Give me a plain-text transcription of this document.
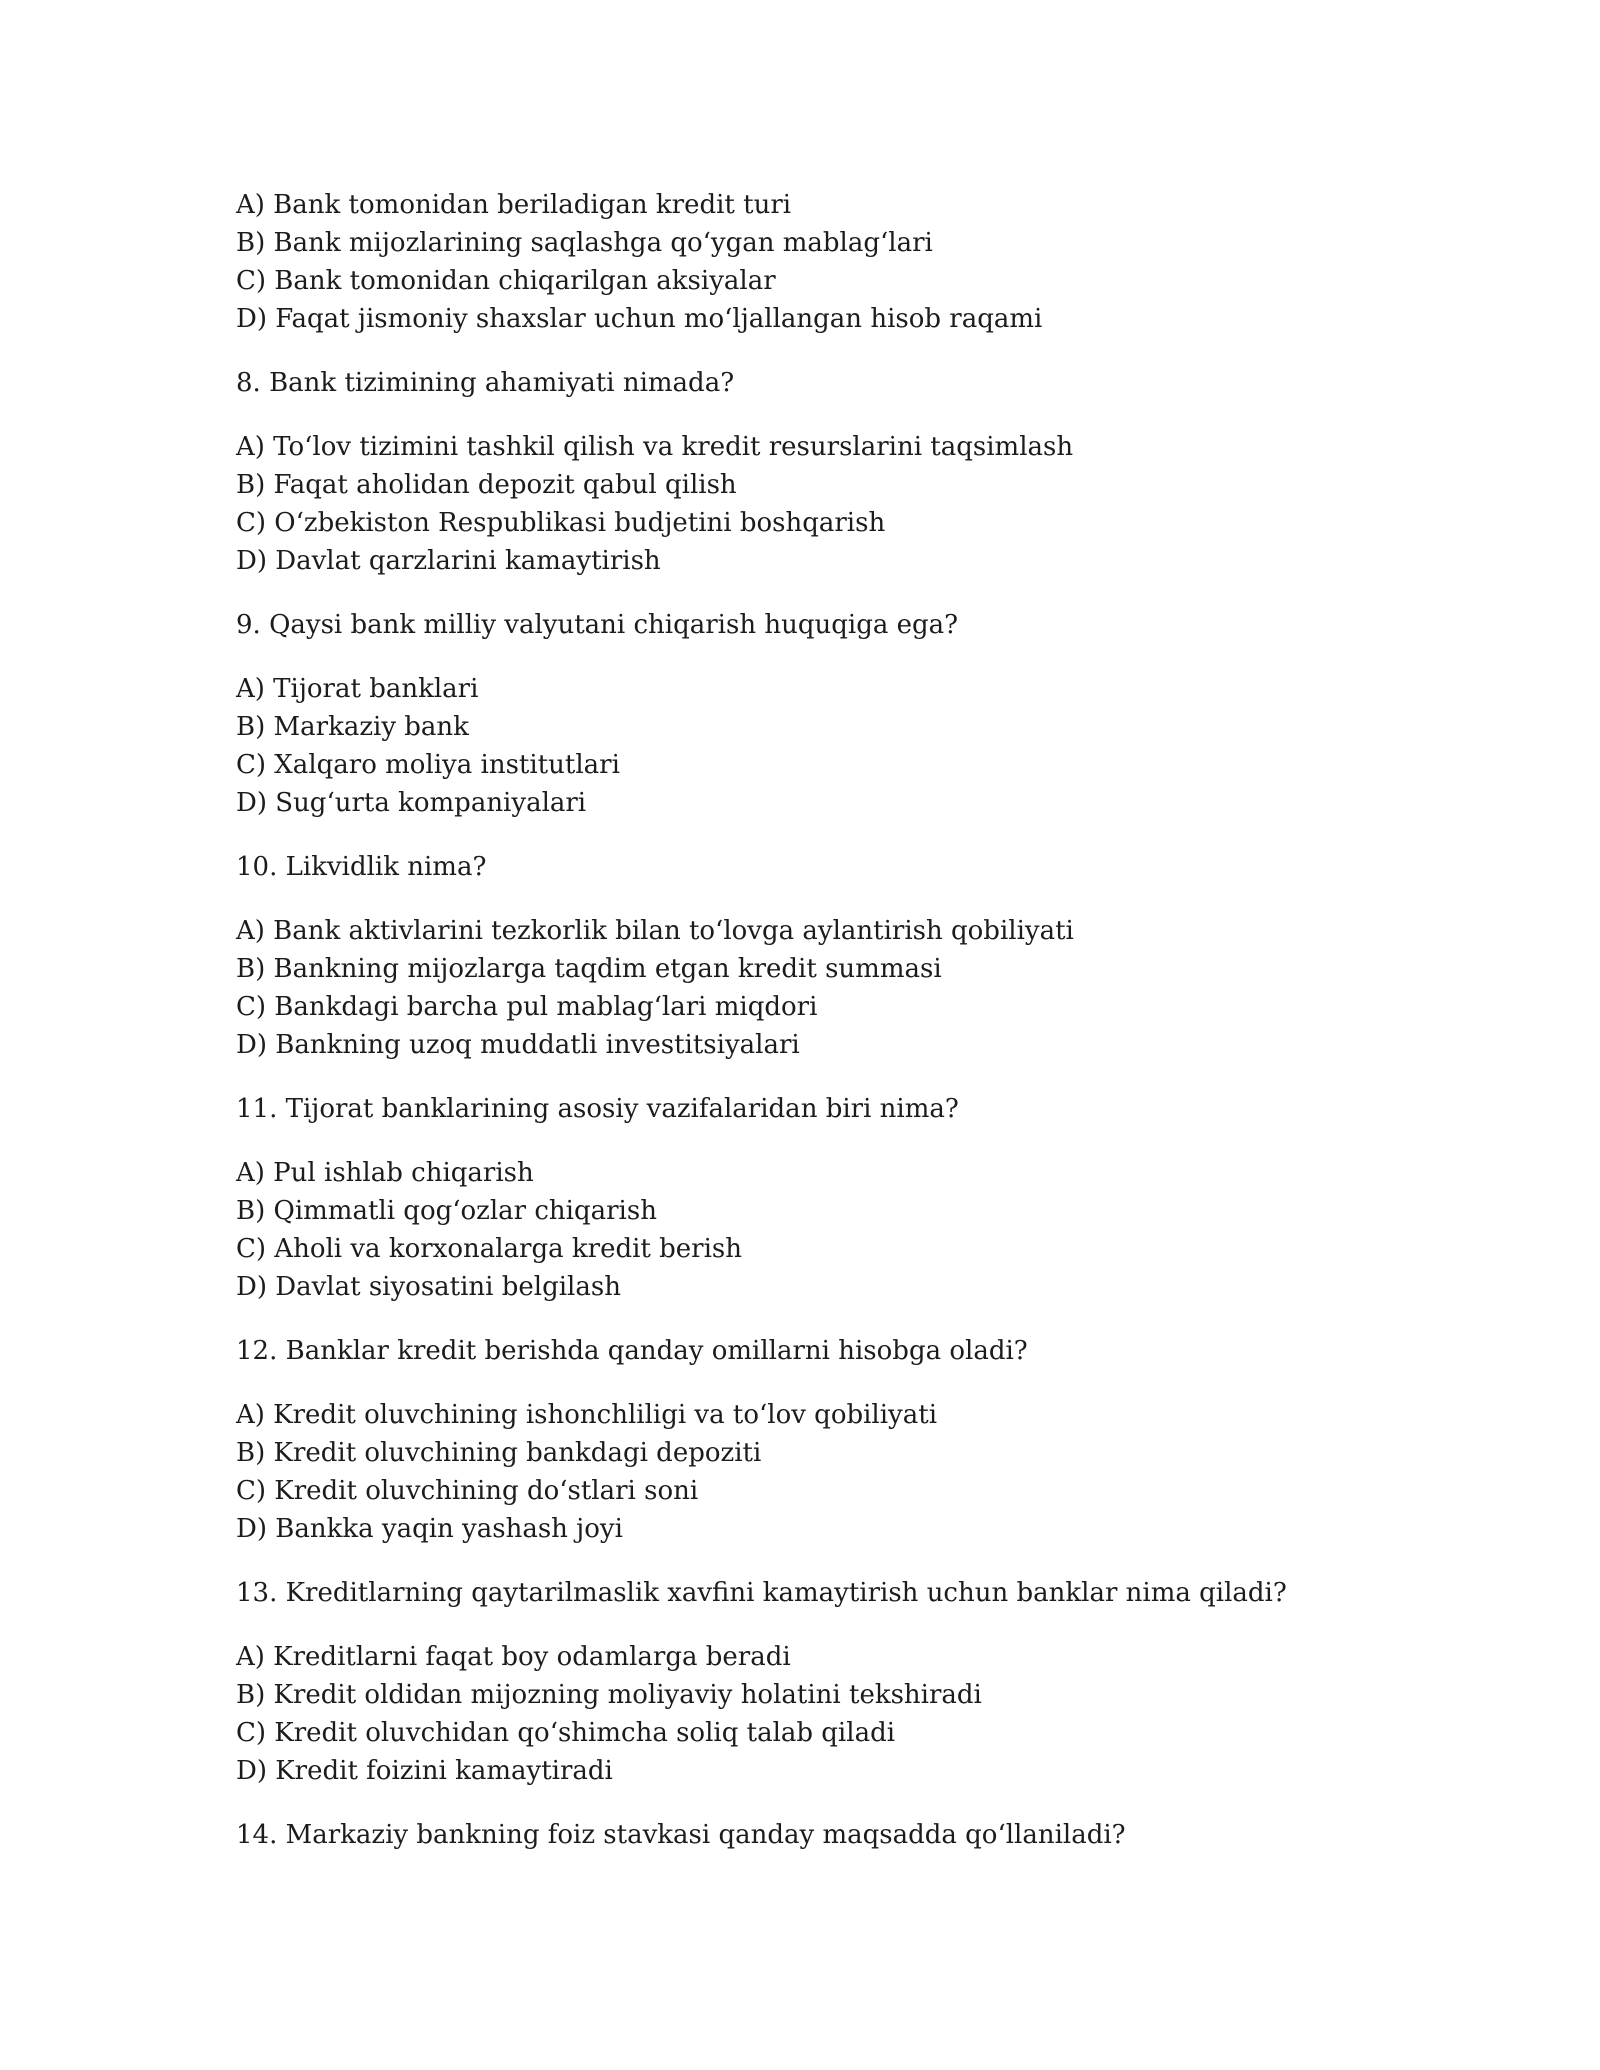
A) Bank tomonidan beriladigan kredit turi

B) Bank mijozlarining saqlashga qo‘ygan mablag‘lari

C) Bank tomonidan chiqarilgan aksiyalar

D) Faqat jismoniy shaxslar uchun mo‘ljallangan hisob raqami

8. Bank tizimining ahamiyati nimada?

A) To‘lov tizimini tashkil qilish va kredit resurslarini taqsimlash

B) Faqat aholidan depozit qabul qilish

C) O‘zbekiston Respublikasi budjetini boshqarish

D) Davlat qarzlarini kamaytirish

9. Qaysi bank milliy valyutani chiqarish huquqiga ega?

A) Tijorat banklari

B) Markaziy bank

C) Xalqaro moliya institutlari

D) Sug‘urta kompaniyalari

10. Likvidlik nima?

A) Bank aktivlarini tezkorlik bilan to‘lovga aylantirish qobiliyati

B) Bankning mijozlarga taqdim etgan kredit summasi

C) Bankdagi barcha pul mablag‘lari miqdori

D) Bankning uzoq muddatli investitsiyalari

11. Tijorat banklarining asosiy vazifalaridan biri nima?

A) Pul ishlab chiqarish

B) Qimmatli qog‘ozlar chiqarish

C) Aholi va korxonalarga kredit berish

D) Davlat siyosatini belgilash

12. Banklar kredit berishda qanday omillarni hisobga oladi?

A) Kredit oluvchining ishonchliligi va to‘lov qobiliyati

B) Kredit oluvchining bankdagi depoziti

C) Kredit oluvchining do‘stlari soni

D) Bankka yaqin yashash joyi

13. Kreditlarning qaytarilmaslik xavfini kamaytirish uchun banklar nima qiladi?

A) Kreditlarni faqat boy odamlarga beradi

B) Kredit oldidan mijozning moliyaviy holatini tekshiradi

C) Kredit oluvchidan qo‘shimcha soliq talab qiladi

D) Kredit foizini kamaytiradi

14. Markaziy bankning foiz stavkasi qanday maqsadda qo‘llaniladi?
